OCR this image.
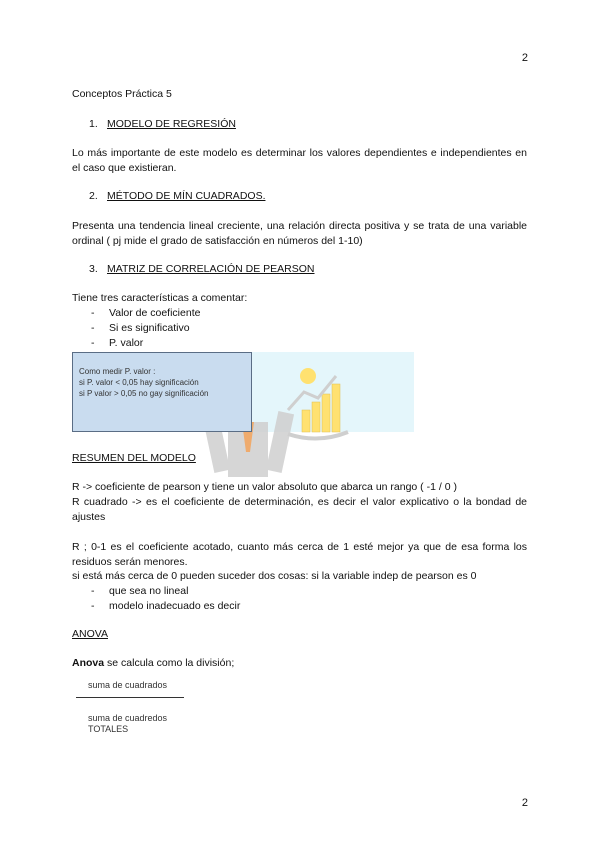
2
2
Conceptos Práctica 5
1. MODELO DE REGRESIÓN
Lo más importante de este modelo es determinar los valores dependientes e independientes en el caso que existieran.
2. MÉTODO DE MÍN CUADRADOS.
Presenta una tendencia lineal creciente, una relación directa positiva y se trata de una variable ordinal ( pj mide el grado de satisfacción en números del 1-10)
3. MATRIZ DE CORRELACIÓN DE PEARSON
Tiene tres características a comentar:
- Valor de coeficiente
- Si es significativo
- P. valor
Como medir P. valor :
si P. valor < 0,05 hay significación
si P valor > 0,05 no gay significación
RESUMEN DEL MODELO
R -> coeficiente de pearson y tiene un valor absoluto que abarca un rango ( -1 / 0 )
R cuadrado -> es el coeficiente de determinación, es decir el valor explicativo o la bondad de ajustes
R ; 0-1 es el coeficiente acotado, cuanto más cerca de 1 esté mejor ya que de esa forma los residuos serán menores.
si está más cerca de 0 pueden suceder dos cosas: si la variable indep de pearson es 0
- que sea no lineal
- modelo inadecuado es decir
ANOVA
Anova se calcula como la división;
suma de cuadrados
suma de cuadredos
TOTALES
